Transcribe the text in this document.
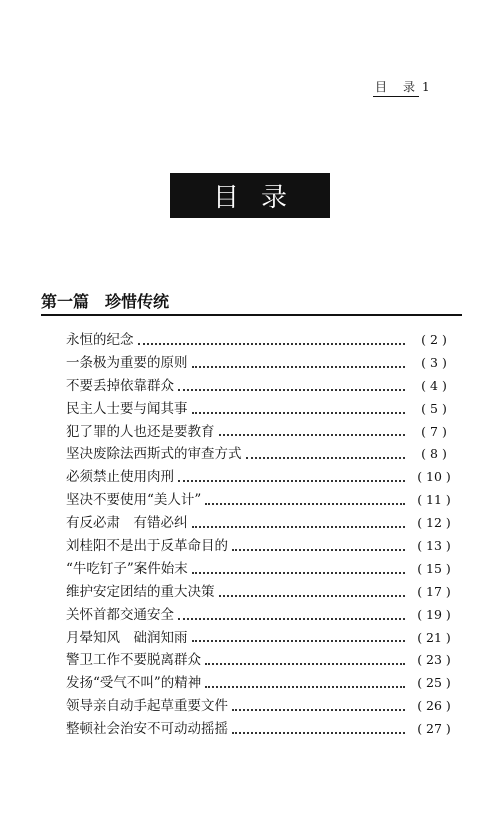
目 录 1
目录
第一篇 珍惜传统
永恒的纪念	( 2 )
一条极为重要的原则	( 3 )
不要丢掉依靠群众	( 4 )
民主人士要与闻其事	( 5 )
犯了罪的人也还是要教育	( 7 )
坚决废除法西斯式的审查方式	( 8 )
必须禁止使用肉刑	( 10 )
坚决不要使用“美人计”	( 11 )
有反必肃　有错必纠	( 12 )
刘桂阳不是出于反革命目的	( 13 )
“牛吃钉子”案件始末	( 15 )
维护安定团结的重大决策	( 17 )
关怀首都交通安全	( 19 )
月晕知风　础润知雨	( 21 )
警卫工作不要脱离群众	( 23 )
发扬“受气不叫”的精神	( 25 )
领导亲自动手起草重要文件	( 26 )
整顿社会治安不可动动摇摇	( 27 )
